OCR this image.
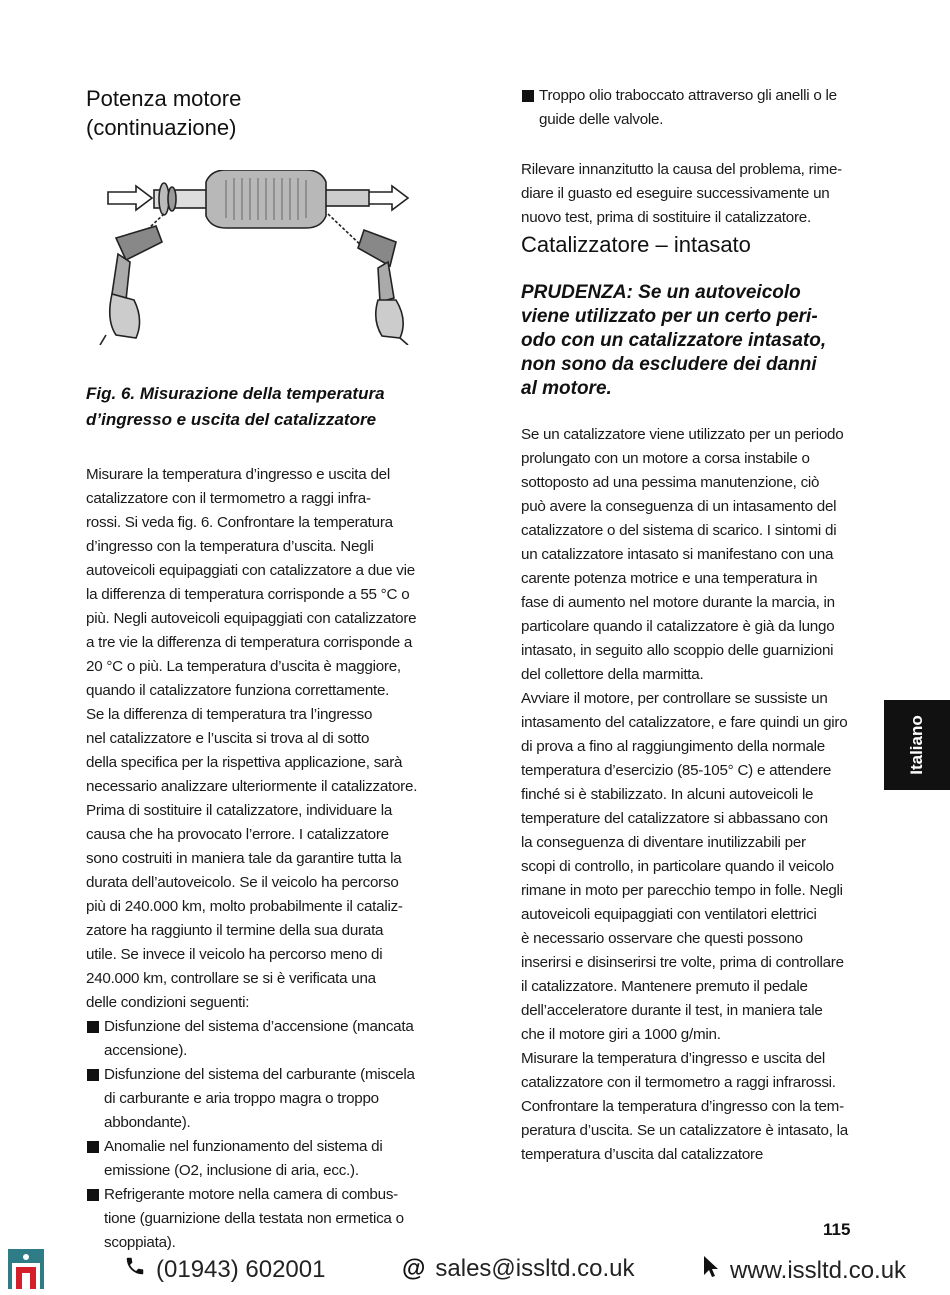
Potenza motore
(continuazione)
Fig. 6. Misurazione della temperatura
d’ingresso e uscita del catalizzatore
Misurare la temperatura d’ingresso e uscita del
catalizzatore con il termometro a raggi infra-
rossi. Si veda fig. 6. Confrontare la temperatura
d’ingresso con la temperatura d’uscita. Negli
autoveicoli equipaggiati con catalizzatore a due vie
la differenza di temperatura corrisponde a 55 °C o
più. Negli autoveicoli equipaggiati con catalizzatore
a tre vie la differenza di temperatura corrisponde a
20 °C o più. La temperatura d’uscita è maggiore,
quando il catalizzatore funziona correttamente.
Se la differenza di temperatura tra l’ingresso
nel catalizzatore e l’uscita si trova al di sotto
della specifica per la rispettiva applicazione, sarà
necessario analizzare ulteriormente il catalizzatore.
Prima di sostituire il catalizzatore, individuare la
causa che ha provocato l’errore. I catalizzatore
sono costruiti in maniera tale da garantire tutta la
durata dell’autoveicolo. Se il veicolo ha percorso
più di 240.000 km, molto probabilmente il cataliz-
zatore ha raggiunto il termine della sua durata
utile. Se invece il veicolo ha percorso meno di
240.000 km, controllare se si è verificata una
delle condizioni seguenti:
Disfunzione del sistema d’accensione (mancata
accensione).
Disfunzione del sistema del carburante (miscela
di carburante e aria troppo magra o troppo
abbondante).
Anomalie nel funzionamento del sistema di
emissione (O2, inclusione di aria, ecc.).
Refrigerante motore nella camera di combus-
tione (guarnizione della testata non ermetica o
scoppiata).
Troppo olio traboccato attraverso gli anelli o le
guide delle valvole.
Rilevare innanzitutto la causa del problema, rime-
diare il guasto ed eseguire successivamente un
nuovo test, prima di sostituire il catalizzatore.
Catalizzatore – intasato
PRUDENZA: Se un autoveicolo
viene utilizzato per un certo peri-
odo con un catalizzatore intasato,
non sono da escludere dei danni
al motore.
Se un catalizzatore viene utilizzato per un periodo
prolungato con un motore a corsa instabile o
sottoposto ad una pessima manutenzione, ciò
può avere la conseguenza di un intasamento del
catalizzatore o del sistema di scarico. I sintomi di
un catalizzatore intasato si manifestano con una
carente potenza motrice e una temperatura in
fase di aumento nel motore durante la marcia, in
particolare quando il catalizzatore è già da lungo
intasato, in seguito allo scoppio delle guarnizioni
del collettore della marmitta.
Avviare il motore, per controllare se sussiste un
intasamento del catalizzatore, e fare quindi un giro
di prova a fino al raggiungimento della normale
temperatura d’esercizio (85-105° C) e attendere
finché si è stabilizzato. In alcuni autoveicoli le
temperature del catalizzatore si abbassano con
la conseguenza di diventare inutilizzabili per
scopi di controllo, in particolare quando il veicolo
rimane in moto per parecchio tempo in folle. Negli
autoveicoli equipaggiati con ventilatori elettrici
è necessario osservare che questi possono
inserirsi e disinserirsi tre volte, prima di controllare
il catalizzatore. Mantenere premuto il pedale
dell’acceleratore durante il test, in maniera tale
che il motore giri a 1000 g/min.
Misurare la temperatura d’ingresso e uscita del
catalizzatore con il termometro a raggi infrarossi.
Confrontare la temperatura d’ingresso con la tem-
peratura d’uscita. Se un catalizzatore è intasato, la
temperatura d’uscita dal catalizzatore
Italiano
115
(01943) 602001	@ sales@issltd.co.uk	www.issltd.co.uk
